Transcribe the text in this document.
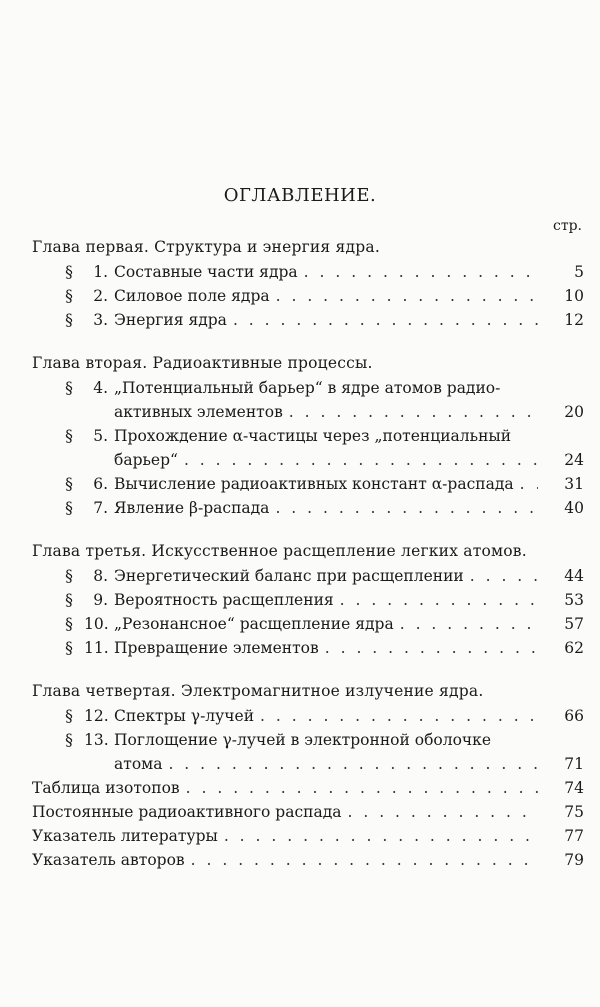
ОГЛАВЛЕНИЕ.
стр.
Глава первая. Структура и энергия ядра.
§	1. Составные части ядра . . .	5
§	2. Силовое поле ядра . . .	10
§	3. Энергия ядра . . .	12
Глава вторая. Радиоактивные процессы.
§	4. „Потенциальный барьер“ в ядре атомов радио-
активных элементов . . .	20
§	5. Прохождение α-частицы через „потенциальный
барьер“ . . .	24
§	6. Вычисление радиоактивных констант α-распада . . .	31
§	7. Явление β-распада . . .	40
Глава третья. Искусственное расщепление легких атомов.
§	8. Энергетический баланс при расщеплении . . .	44
§	9. Вероятность расщепления . . .	53
§ 10. „Резонансное“ расщепление ядра . . .	57
§ 11. Превращение элементов . . .	62
Глава четвертая. Электромагнитное излучение ядра.
§ 12. Спектры γ-лучей . . .	66
§ 13. Поглощение γ-лучей в электронной оболочке
атома . . .	71
Таблица изотопов . . .	74
Постоянные радиоактивного распада . . .	75
Указатель литературы . . .	77
Указатель авторов . . .	79
